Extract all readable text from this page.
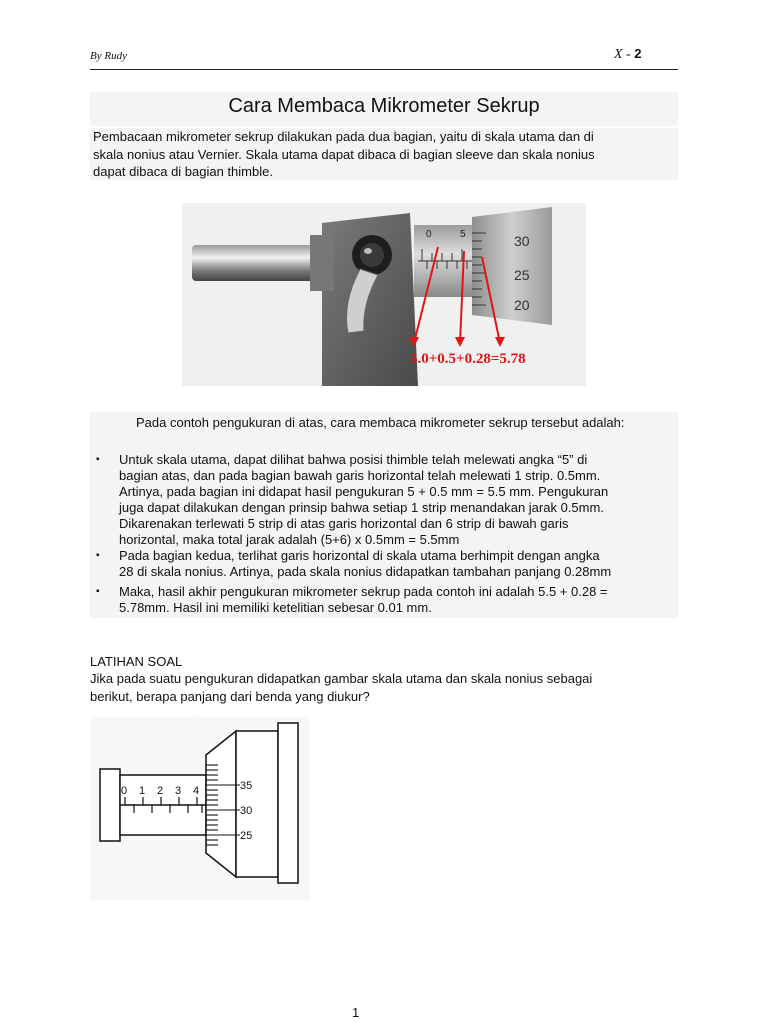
By Rudy	X - 2
Cara Membaca Mikrometer Sekrup
Pembacaan mikrometer sekrup dilakukan pada dua bagian, yaitu di skala utama dan di
skala nonius atau Vernier. Skala utama dapat dibaca di bagian sleeve dan skala nonius
dapat dibaca di bagian thimble.
0	5	30
25
20
5.0+0.5+0.28=5.78
Pada contoh pengukuran di atas, cara membaca mikrometer sekrup tersebut adalah:
▪ Untuk skala utama, dapat dilihat bahwa posisi thimble telah melewati angka “5” di
bagian atas, dan pada bagian bawah garis horizontal telah melewati 1 strip. 0.5mm.
Artinya, pada bagian ini didapat hasil pengukuran 5 + 0.5 mm = 5.5 mm. Pengukuran
juga dapat dilakukan dengan prinsip bahwa setiap 1 strip menandakan jarak 0.5mm.
Dikarenakan terlewati 5 strip di atas garis horizontal dan 6 strip di bawah garis
horizontal, maka total jarak adalah (5+6) x 0.5mm = 5.5mm
▪ Pada bagian kedua, terlihat garis horizontal di skala utama berhimpit dengan angka
28 di skala nonius. Artinya, pada skala nonius didapatkan tambahan panjang 0.28mm
▪ Maka, hasil akhir pengukuran mikrometer sekrup pada contoh ini adalah 5.5 + 0.28 =
5.78mm. Hasil ini memiliki ketelitian sebesar 0.01 mm.
LATIHAN SOAL
Jika pada suatu pengukuran didapatkan gambar skala utama dan skala nonius sebagai
berikut, berapa panjang dari benda yang diukur?
0 1 2 3 4	35
30
25
1
